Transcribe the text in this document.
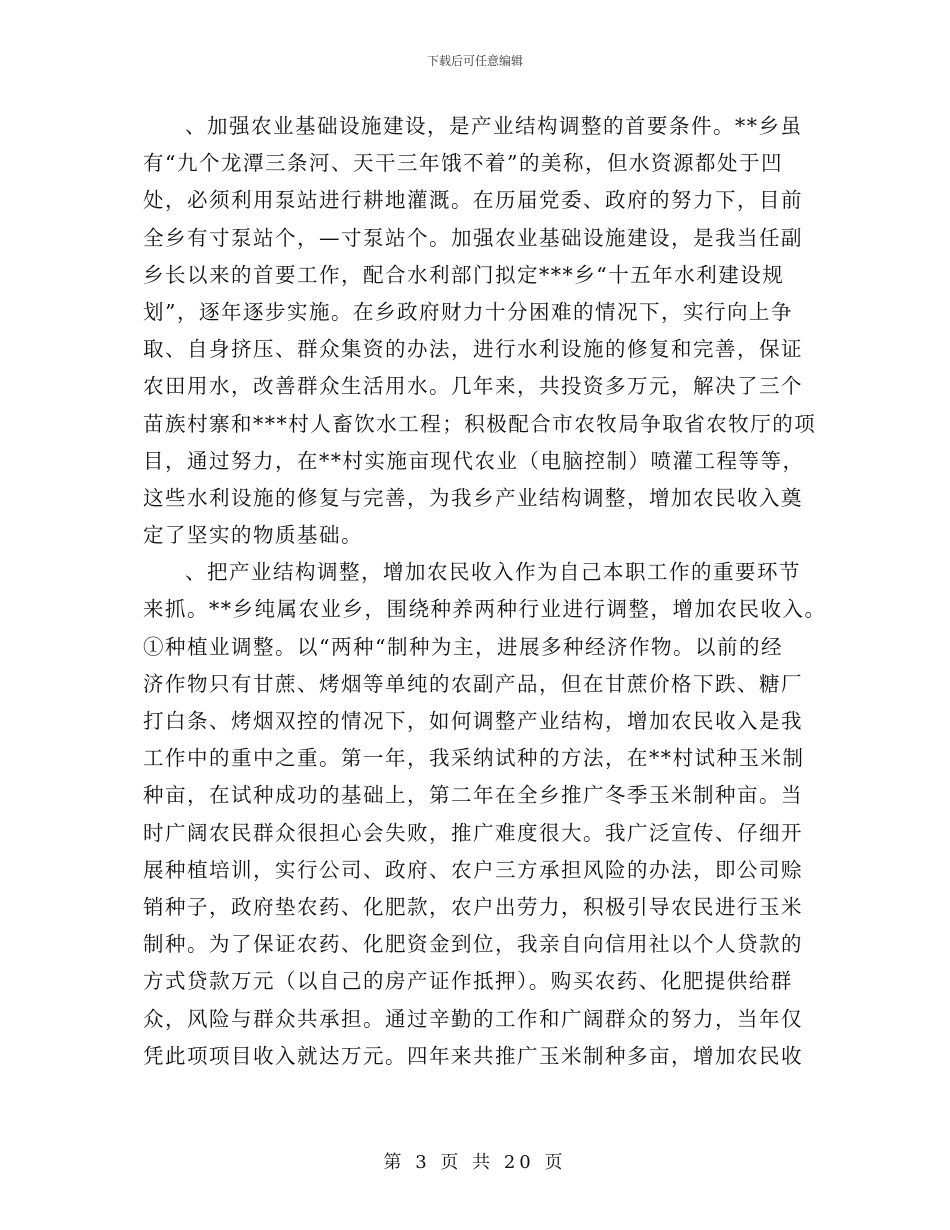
下载后可任意编辑
、加强农业基础设施建设，是产业结构调整的首要条件。**乡虽
有“九个龙潭三条河、天干三年饿不着”的美称，但水资源都处于凹
处，必须利用泵站进行耕地灌溉。在历届党委、政府的努力下，目前
全乡有寸泵站个，—寸泵站个。加强农业基础设施建设，是我当任副
乡长以来的首要工作，配合水利部门拟定***乡“十五年水利建设规
划”，逐年逐步实施。在乡政府财力十分困难的情况下，实行向上争
取、自身挤压、群众集资的办法，进行水利设施的修复和完善，保证
农田用水，改善群众生活用水。几年来，共投资多万元，解决了三个
苗族村寨和***村人畜饮水工程；积极配合市农牧局争取省农牧厅的项
目，通过努力，在**村实施亩现代农业（电脑控制）喷灌工程等等，
这些水利设施的修复与完善，为我乡产业结构调整，增加农民收入奠
定了坚实的物质基础。
、把产业结构调整，增加农民收入作为自己本职工作的重要环节
来抓。**乡纯属农业乡，围绕种养两种行业进行调整，增加农民收入。
①种植业调整。以“两种“制种为主，进展多种经济作物。以前的经
济作物只有甘蔗、烤烟等单纯的农副产品，但在甘蔗价格下跌、糖厂
打白条、烤烟双控的情况下，如何调整产业结构，增加农民收入是我
工作中的重中之重。第一年，我采纳试种的方法，在**村试种玉米制
种亩，在试种成功的基础上，第二年在全乡推广冬季玉米制种亩。当
时广阔农民群众很担心会失败，推广难度很大。我广泛宣传、仔细开
展种植培训，实行公司、政府、农户三方承担风险的办法，即公司赊
销种子，政府垫农药、化肥款，农户出劳力，积极引导农民进行玉米
制种。为了保证农药、化肥资金到位，我亲自向信用社以个人贷款的
方式贷款万元（以自己的房产证作抵押）。购买农药、化肥提供给群
众，风险与群众共承担。通过辛勤的工作和广阔群众的努力，当年仅
凭此项项目收入就达万元。四年来共推广玉米制种多亩，增加农民收
第 3 页 共 20 页
